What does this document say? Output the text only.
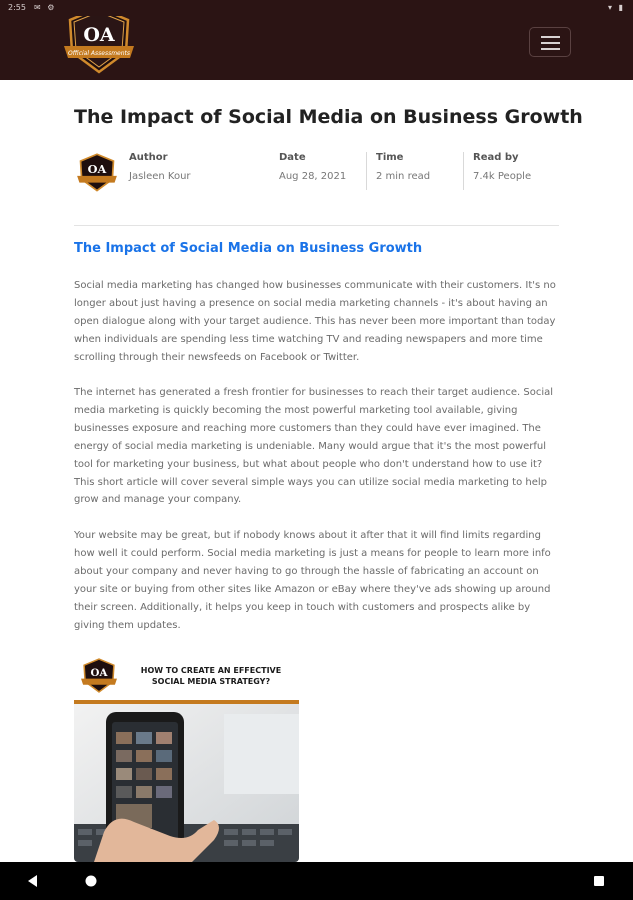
OA
Official Assessments
2:55 ✉ ⚙	▾ ▮
The Impact of Social Media on Business Growth
OA
Author
Jasleen Kour
Date
Aug 28, 2021
Time
2 min read
Read by
7.4k People
The Impact of Social Media on Business Growth

Social media marketing has changed how businesses communicate with their customers. It's no longer about just having a presence on social media marketing channels - it's about having an open dialogue along with your target audience. This has never been more important than today when individuals are spending less time watching TV and reading newspapers and more time scrolling through their newsfeeds on Facebook or Twitter.

The internet has generated a fresh frontier for businesses to reach their target audience. Social media marketing is quickly becoming the most powerful marketing tool available, giving businesses exposure and reaching more customers than they could have ever imagined. The energy of social media marketing is undeniable. Many would argue that it's the most powerful tool for marketing your business, but what about people who don't understand how to use it? This short article will cover several simple ways you can utilize social media marketing to help grow and manage your company.

Your website may be great, but if nobody knows about it after that it will find limits regarding how well it could perform. Social media marketing is just a means for people to learn more info about your company and never having to go through the hassle of fabricating an account on your site or buying from other sites like Amazon or eBay where they've ads showing up around their screen. Additionally, it helps you keep in touch with customers and prospects alike by giving them updates.

OA	HOW TO CREATE AN EFFECTIVE SOCIAL MEDIA STRATEGY?
